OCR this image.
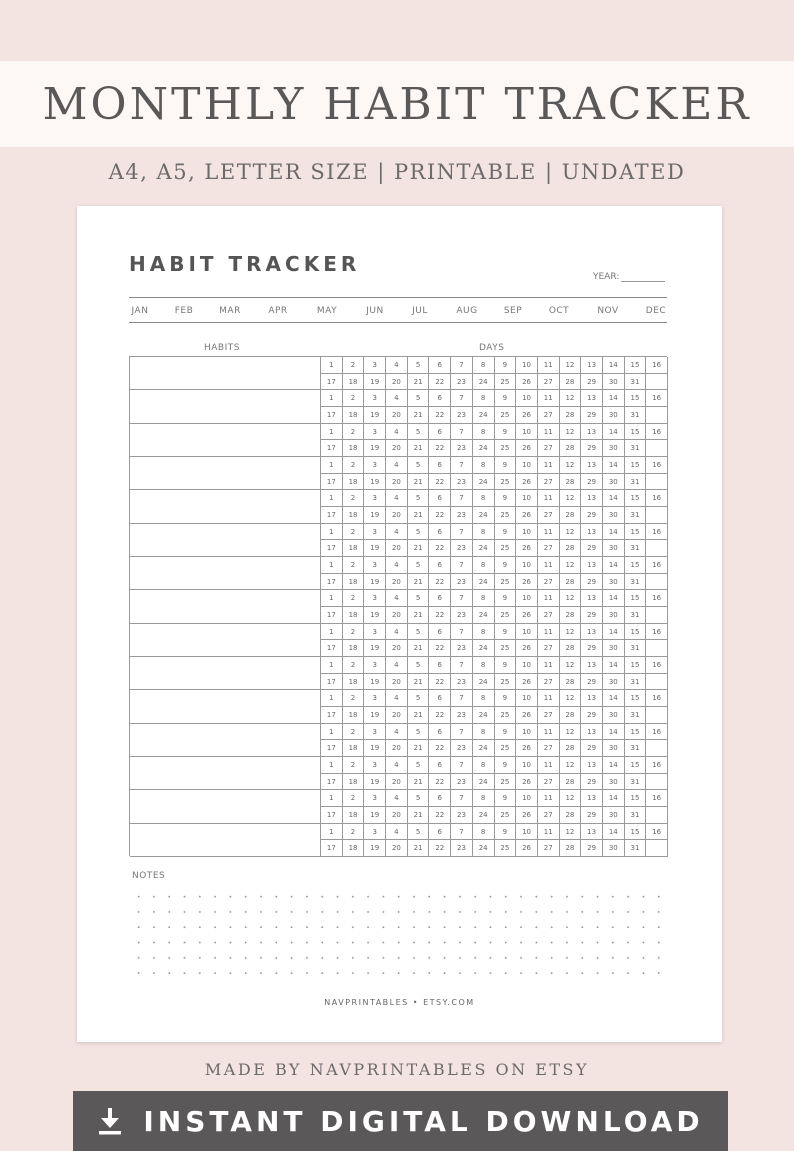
MONTHLY HABIT TRACKER
A4, A5, LETTER SIZE | PRINTABLE | UNDATED
HABIT TRACKER
YEAR:
JAN	FEB	MAR	APR	MAY	JUN	JUL	AUG	SEP	OCT	NOV	DEC
HABITS	DAYS
1	2	3	4	5	6	7	8	9	10	11	12	13	14	15	16
17	18	19	20	21	22	23	24	25	26	27	28	29	30	31
1	2	3	4	5	6	7	8	9	10	11	12	13	14	15	16
17	18	19	20	21	22	23	24	25	26	27	28	29	30	31
1	2	3	4	5	6	7	8	9	10	11	12	13	14	15	16
17	18	19	20	21	22	23	24	25	26	27	28	29	30	31
1	2	3	4	5	6	7	8	9	10	11	12	13	14	15	16
17	18	19	20	21	22	23	24	25	26	27	28	29	30	31
1	2	3	4	5	6	7	8	9	10	11	12	13	14	15	16
17	18	19	20	21	22	23	24	25	26	27	28	29	30	31
1	2	3	4	5	6	7	8	9	10	11	12	13	14	15	16
17	18	19	20	21	22	23	24	25	26	27	28	29	30	31
1	2	3	4	5	6	7	8	9	10	11	12	13	14	15	16
17	18	19	20	21	22	23	24	25	26	27	28	29	30	31
1	2	3	4	5	6	7	8	9	10	11	12	13	14	15	16
17	18	19	20	21	22	23	24	25	26	27	28	29	30	31
1	2	3	4	5	6	7	8	9	10	11	12	13	14	15	16
17	18	19	20	21	22	23	24	25	26	27	28	29	30	31
1	2	3	4	5	6	7	8	9	10	11	12	13	14	15	16
17	18	19	20	21	22	23	24	25	26	27	28	29	30	31
1	2	3	4	5	6	7	8	9	10	11	12	13	14	15	16
17	18	19	20	21	22	23	24	25	26	27	28	29	30	31
1	2	3	4	5	6	7	8	9	10	11	12	13	14	15	16
17	18	19	20	21	22	23	24	25	26	27	28	29	30	31
1	2	3	4	5	6	7	8	9	10	11	12	13	14	15	16
17	18	19	20	21	22	23	24	25	26	27	28	29	30	31
1	2	3	4	5	6	7	8	9	10	11	12	13	14	15	16
17	18	19	20	21	22	23	24	25	26	27	28	29	30	31
1	2	3	4	5	6	7	8	9	10	11	12	13	14	15	16
17	18	19	20	21	22	23	24	25	26	27	28	29	30	31
NOTES
NAVPRINTABLES • ETSY.COM
MADE BY NAVPRINTABLES ON ETSY
INSTANT DIGITAL DOWNLOAD
